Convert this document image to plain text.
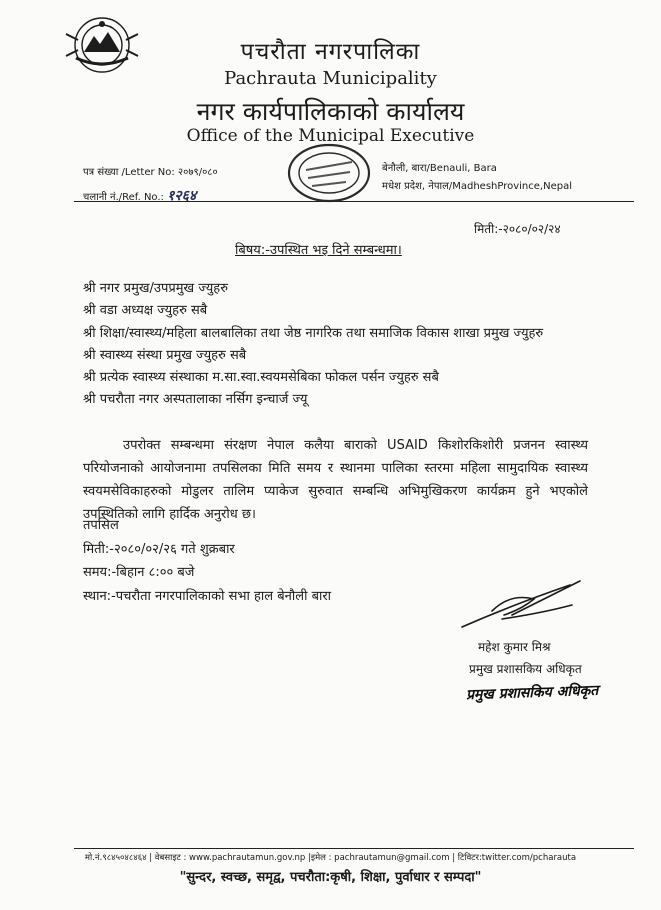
पचरौता नगरपालिका
Pachrauta Municipality
नगर कार्यपालिकाको कार्यालय
Office of the Municipal Executive
पत्र संख्या /Letter No: २०७९/०८०
चलानी नं./Ref. No.: १२६४
बेनौली, बारा/Benauli, Bara
मधेश प्रदेश, नेपाल/MadheshProvince,Nepal
मिती:-२०८०/०२/२४
बिषय:-उपस्थित भइ दिने सम्बन्धमा।
श्री नगर प्रमुख/उपप्रमुख ज्युहरु
श्री वडा अध्यक्ष ज्युहरु सबै
श्री शिक्षा/स्वास्थ्य/महिला बालबालिका तथा जेष्ठ नागरिक तथा समाजिक विकास शाखा प्रमुख ज्युहरु
श्री स्वास्थ्य संस्था प्रमुख ज्युहरु सबै
श्री प्रत्येक स्वास्थ्य संस्थाका म.सा.स्वा.स्वयमसेबिका फोकल पर्सन ज्युहरु सबै
श्री पचरौता नगर अस्पतालाका नर्सिग इन्चार्ज ज्यू
उपरोक्त सम्बन्धमा संरक्षण नेपाल कलैया बाराको USAID किशोरकिशोरी प्रजनन स्वास्थ्य परियोजनाको आयोजनामा तपसिलका मिति समय र स्थानमा पालिका स्तरमा महिला सामुदायिक स्वास्थ्य स्वयमसेविकाहरुको मोडुलर तालिम प्याकेज सुरुवात सम्बन्धि अभिमुखिकरण कार्यक्रम हुने भएकोले उपस्थितिको लागि हार्दिक अनुरोध छ।
तपसिल
मिती:-२०८०/०२/२६ गते शुक्रबार
समय:-बिहान ८:०० बजे
स्थान:-पचरौता नगरपालिकाको सभा हाल बेनौली बारा
महेश कुमार मिश्र
प्रमुख प्रशासकिय अधिकृत
प्रमुख प्रशासकिय अधिकृत
मो.नं.९८४५०४८४६४ | वेबसाइट : www.pachrautamun.gov.np |इमेल : pachrautamun@gmail.com | टिविटर:twitter.com/pcharauta
"सुन्दर, स्वच्छ, समृद्व, पचरौता:कृषी, शिक्षा, पुर्वाधार र सम्पदा"
